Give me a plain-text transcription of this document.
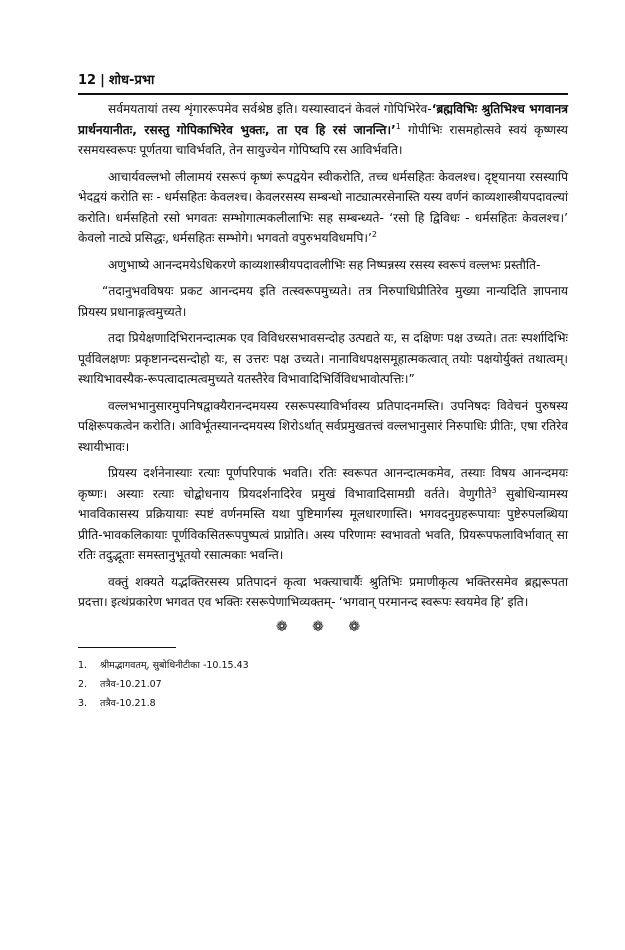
12 | शोध-प्रभा

सर्वमयतायां तस्य शृंगाररूपमेव सर्वश्रेष्ठ इति। यस्यास्वादनं केवलं गोपिभिरेव-‘ब्रह्मविभिः श्रुतिभिश्च भगवानत्र प्रार्थनयानीतः, रसस्तु गोपिकाभिरेव भुक्तः, ता एव हि रसं जानन्ति।’$^1$ गोपीभिः रासमहोत्सवे स्वयं कृष्णस्य रसमयस्वरूपः पूर्णतया चाविर्भवति, तेन सायुज्येन गोपिष्वपि रस आविर्भवति।

आचार्यवल्लभो लीलामयं रसरूपं कृष्णं रूपद्वयेन स्वीकरोति, तच्च धर्मसहितः केवलश्च। दृष्ट्यानया रसस्यापि भेदद्वयं करोति सः - धर्मसहितः केवलश्च। केवलरसस्य सम्बन्धो नाट्यात्मरसेनास्ति यस्य वर्णनं काव्यशास्त्रीयपदावल्यां करोति। धर्मसहितो रसो भगवतः सम्भोगात्मकलीलाभिः सह सम्बन्ध्यते- ‘रसो हि द्विविधः - धर्मसहितः केवलश्च।’ केवलो नाट्ये प्रसिद्धः, धर्मसहितः सम्भोगे। भगवतो वपुरुभयविधमपि।’$^2$

अणुभाष्ये आनन्दमयेऽधिकरणे काव्यशास्त्रीयपदावलीभिः सह निष्पन्नस्य रसस्य स्वरूपं वल्लभः प्रस्तौति-

“तदानुभवविषयः प्रकट आनन्दमय इति तत्स्वरूपमुच्यते। तत्र निरुपाधिप्रीतिरेव मुख्या नान्यदिति ज्ञापनाय प्रियस्य प्रधानाङ्गत्वमुच्यते।

तदा प्रियेक्षणादिभिरानन्दात्मक एव विविधरसभावसन्दोह उत्पद्यते यः, स दक्षिणः पक्ष उच्यते। ततः स्पर्शादिभिः पूर्वविलक्षणः प्रकृष्टानन्दसन्दोहो यः, स उत्तरः पक्ष उच्यते। नानाविधपक्षसमूहात्मकत्वात् तयोः पक्षयोर्युक्तं तथात्वम्। स्थायिभावस्यैक-रूपत्वादात्मत्वमुच्यते यतस्तैरेव विभावादिभिर्विविधभावोत्पत्तिः।”

वल्लभभानुसारमुपनिषद्वाक्यैरानन्दमयस्य रसरूपस्याविर्भावस्य प्रतिपादनमस्ति। उपनिषदः विवेचनं पुरुषस्य पक्षिरूपकत्वेन करोति। आविर्भूतस्यानन्दमयस्य शिरोऽर्थात् सर्वप्रमुखतत्त्वं वल्लभानुसारं निरुपाधिः प्रीतिः, एषा रतिरेव स्थायीभावः।

प्रियस्य दर्शनेनास्याः रत्याः पूर्णपरिपाकं भवति। रतिः स्वरूपत आनन्दात्मकमेव, तस्याः विषय आनन्दमयः कृष्णः। अस्याः रत्याः चोद्बोधनाय प्रियदर्शनादिरेव प्रमुखं विभावादिसामग्री वर्तते। वेणुगीते$^3$ सुबोधिन्यामस्य भावविकासस्य प्रक्रियायाः स्पष्टं वर्णनमस्ति यथा पुष्टिमार्गस्य मूलधारणास्ति। भगवदनुग्रहरूपायाः पुष्टेरुपलब्धिया प्रीति-भावकलिकायाः पूर्णविकसितरूपपुष्पत्वं प्राप्नोति। अस्य परिणामः स्वभावतो भवति, प्रियरूपफलाविर्भावात् सा रतिः तदुद्भूताः समस्तानुभूतयो रसात्मकाः भवन्ति।

वक्तुं शक्यते यद्भक्तिरसस्य प्रतिपादनं कृत्वा भक्त्याचार्यैः श्रुतिभिः प्रमाणीकृत्य भक्तिरसमेव ब्रह्मरूपता प्रदत्ता। इत्थंप्रकारेण भगवत एव भक्तिः रसरूपेणाभिव्यक्तम्- ‘भगवान् परमानन्द स्वरूपः स्वयमेव हि’ इति।

❁ ❁ ❁
1. श्रीमद्भागवतम्, सुबोधिनीटीका -10.15.43
2. तत्रैव-10.21.07
3. तत्रैव-10.21.8
